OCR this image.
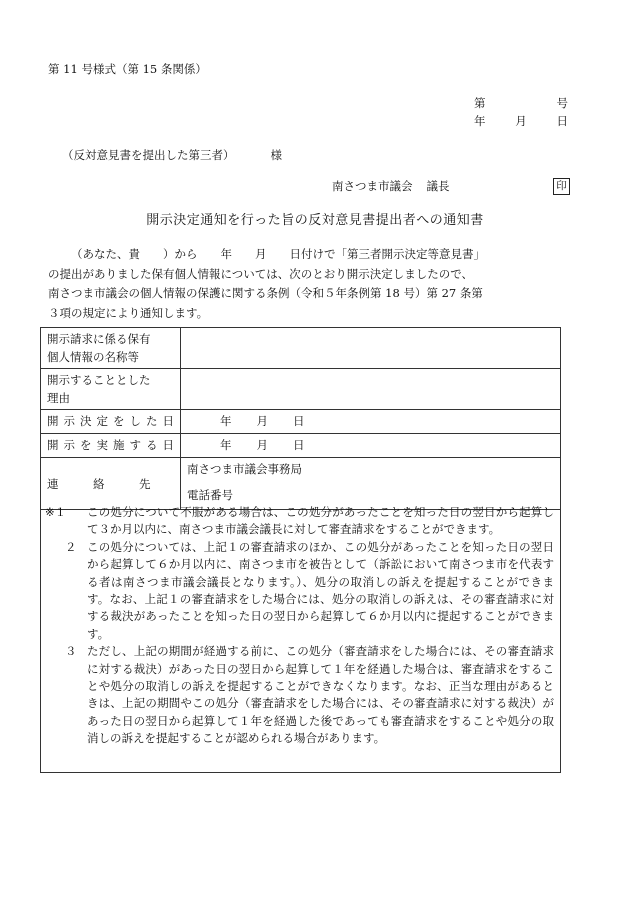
第 11 号様式（第 15 条関係）
第	号
年	月	日
（反対意見書を提出した第三者）	様
南さつま市議会 議長	印
開示決定通知を行った旨の反対意見書提出者への通知書
（あなた、貴　　）から　　年　　月　　日付けで「第三者開示決定等意見書」
の提出がありました保有個人情報については、次のとおり開示決定しましたので、
南さつま市議会の個人情報の保護に関する条例（令和５年条例第 18 号）第 27 条第
３項の規定により通知します。
開示請求に係る保有
個人情報の名称等	

開示することとした
理由	

開示決定をした日	年 月 日
開示を実施する日	年 月 日

連　　　絡　　　先	南さつま市議会事務局
電話番号
※１	この処分について不服がある場合は、この処分があったことを知った日の翌日から起算して３か月以内に、南さつま市議会議長に対して審査請求をすることができます。
２ この処分については、上記１の審査請求のほか、この処分があったことを知った日の翌日から起算して６か月以内に、南さつま市を被告として（訴訟において南さつま市を代表する者は南さつま市議会議長となります。）、処分の取消しの訴えを提起することができます。なお、上記１の審査請求をした場合には、処分の取消しの訴えは、その審査請求に対する裁決があったことを知った日の翌日から起算して６か月以内に提起することができます。
３ ただし、上記の期間が経過する前に、この処分（審査請求をした場合には、その審査請求に対する裁決）があった日の翌日から起算して１年を経過した場合は、審査請求をすることや処分の取消しの訴えを提起することができなくなります。なお、正当な理由があるときは、上記の期間やこの処分（審査請求をした場合には、その審査請求に対する裁決）があった日の翌日から起算して１年を経過した後であっても審査請求をすることや処分の取消しの訴えを提起することが認められる場合があります。
